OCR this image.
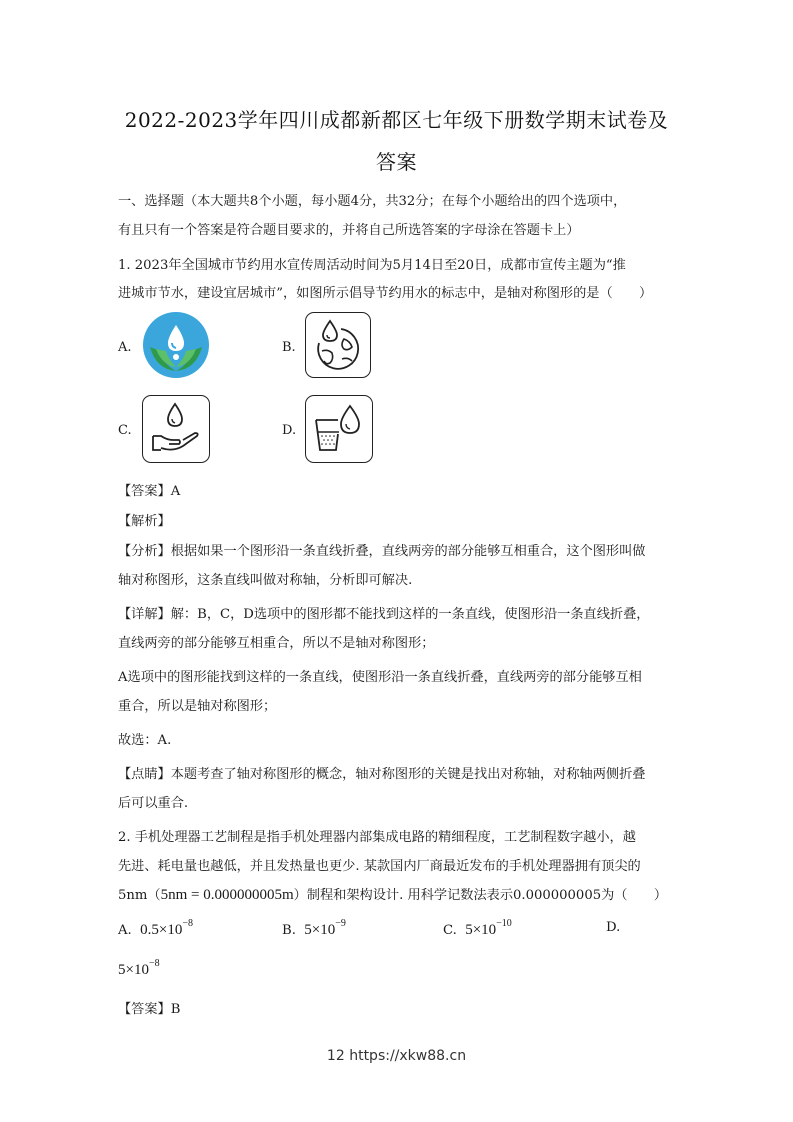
2022-2023学年四川成都新都区七年级下册数学期末试卷及
答案
一、选择题（本大题共8个小题，每小题4分，共32分；在每个小题给出的四个选项中，
有且只有一个答案是符合题目要求的，并将自己所选答案的字母涂在答题卡上）
1. 2023年全国城市节约用水宣传周活动时间为5月14日至20日，成都市宣传主题为“推
进城市节水，建设宜居城市”，如图所示倡导节约用水的标志中，是轴对称图形的是（　　）
A.	B.
C.	D.
【答案】A
【解析】
【分析】根据如果一个图形沿一条直线折叠，直线两旁的部分能够互相重合，这个图形叫做
轴对称图形，这条直线叫做对称轴，分析即可解决.
【详解】解：B，C，D选项中的图形都不能找到这样的一条直线，使图形沿一条直线折叠，
直线两旁的部分能够互相重合，所以不是轴对称图形；
A选项中的图形能找到这样的一条直线，使图形沿一条直线折叠，直线两旁的部分能够互相
重合，所以是轴对称图形；
故选：A.
【点睛】本题考查了轴对称图形的概念，轴对称图形的关键是找出对称轴，对称轴两侧折叠
后可以重合.
2. 手机处理器工艺制程是指手机处理器内部集成电路的精细程度，工艺制程数字越小，越
先进、耗电量也越低，并且发热量也更少. 某款国内厂商最近发布的手机处理器拥有顶尖的
5nm（5nm = 0.000000005m）制程和架构设计. 用科学记数法表示0.000000005为（　　）
A. $0.5\times 10^{-8}$	B. $5\times 10^{-9}$	C. $5\times 10^{-10}$	D.
$5\times 10^{-8}$
【答案】B
12 https://xkw88.cn
